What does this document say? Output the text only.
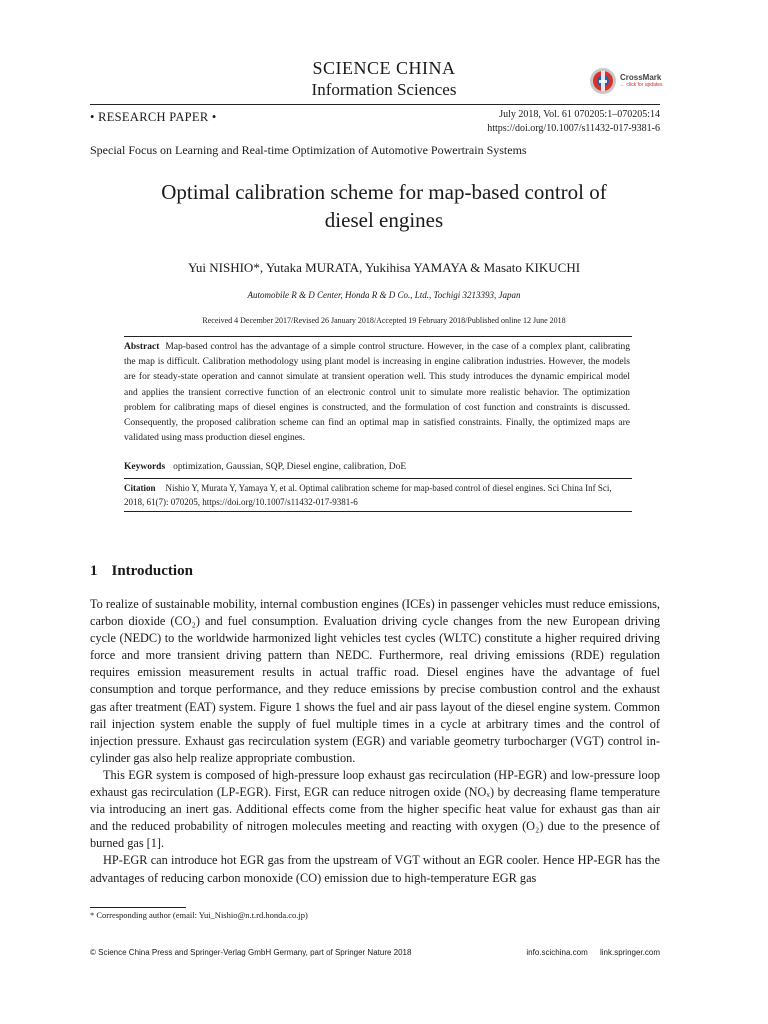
SCIENCE CHINA
Information Sciences
CrossMark
← click for updates
• RESEARCH PAPER •	July 2018, Vol. 61 070205:1–070205:14
https://doi.org/10.1007/s11432-017-9381-6
Special Focus on Learning and Real-time Optimization of Automotive Powertrain Systems
Optimal calibration scheme for map-based control of
diesel engines
Yui NISHIO*, Yutaka MURATA, Yukihisa YAMAYA & Masato KIKUCHI
Automobile R & D Center, Honda R & D Co., Ltd., Tochigi 3213393, Japan
Received 4 December 2017/Revised 26 January 2018/Accepted 19 February 2018/Published online 12 June 2018
Abstract Map-based control has the advantage of a simple control structure. However, in the case of a complex plant, calibrating the map is difficult. Calibration methodology using plant model is increasing in engine calibration industries. However, the models are for steady-state operation and cannot simulate at transient operation well. This study introduces the dynamic empirical model and applies the transient corrective function of an electronic control unit to simulate more realistic behavior. The optimization problem for calibrating maps of diesel engines is constructed, and the formulation of cost function and constraints is discussed. Consequently, the proposed calibration scheme can find an optimal map in satisfied constraints. Finally, the optimized maps are validated using mass production diesel engines.
Keywords optimization, Gaussian, SQP, Diesel engine, calibration, DoE
Citation Nishio Y, Murata Y, Yamaya Y, et al. Optimal calibration scheme for map-based control of diesel engines. Sci China Inf Sci, 2018, 61(7): 070205, https://doi.org/10.1007/s11432-017-9381-6
1 Introduction

To realize of sustainable mobility, internal combustion engines (ICEs) in passenger vehicles must reduce emissions, carbon dioxide (CO₂) and fuel consumption. Evaluation driving cycle changes from the new European driving cycle (NEDC) to the worldwide harmonized light vehicles test cycles (WLTC) constitute a higher required driving force and more transient driving pattern than NEDC. Furthermore, real driving emissions (RDE) regulation requires emission measurement results in actual traffic road. Diesel engines have the advantage of fuel consumption and torque performance, and they reduce emissions by precise combustion control and the exhaust gas after treatment (EAT) system. Figure 1 shows the fuel and air pass layout of the diesel engine system. Common rail injection system enable the supply of fuel multiple times in a cycle at arbitrary times and the control of injection pressure. Exhaust gas recirculation system (EGR) and variable geometry turbocharger (VGT) control in-cylinder gas also help realize appropriate combustion.

This EGR system is composed of high-pressure loop exhaust gas recirculation (HP-EGR) and low-pressure loop exhaust gas recirculation (LP-EGR). First, EGR can reduce nitrogen oxide (NOₓ) by decreasing flame temperature via introducing an inert gas. Additional effects come from the higher specific heat value for exhaust gas than air and the reduced probability of nitrogen molecules meeting and reacting with oxygen (O₂) due to the presence of burned gas [1].

HP-EGR can introduce hot EGR gas from the upstream of VGT without an EGR cooler. Hence HP-EGR has the advantages of reducing carbon monoxide (CO) emission due to high-temperature EGR gas

* Corresponding author (email: Yui_Nishio@n.t.rd.honda.co.jp)
© Science China Press and Springer-Verlag GmbH Germany, part of Springer Nature 2018	info.scichina.com link.springer.com
